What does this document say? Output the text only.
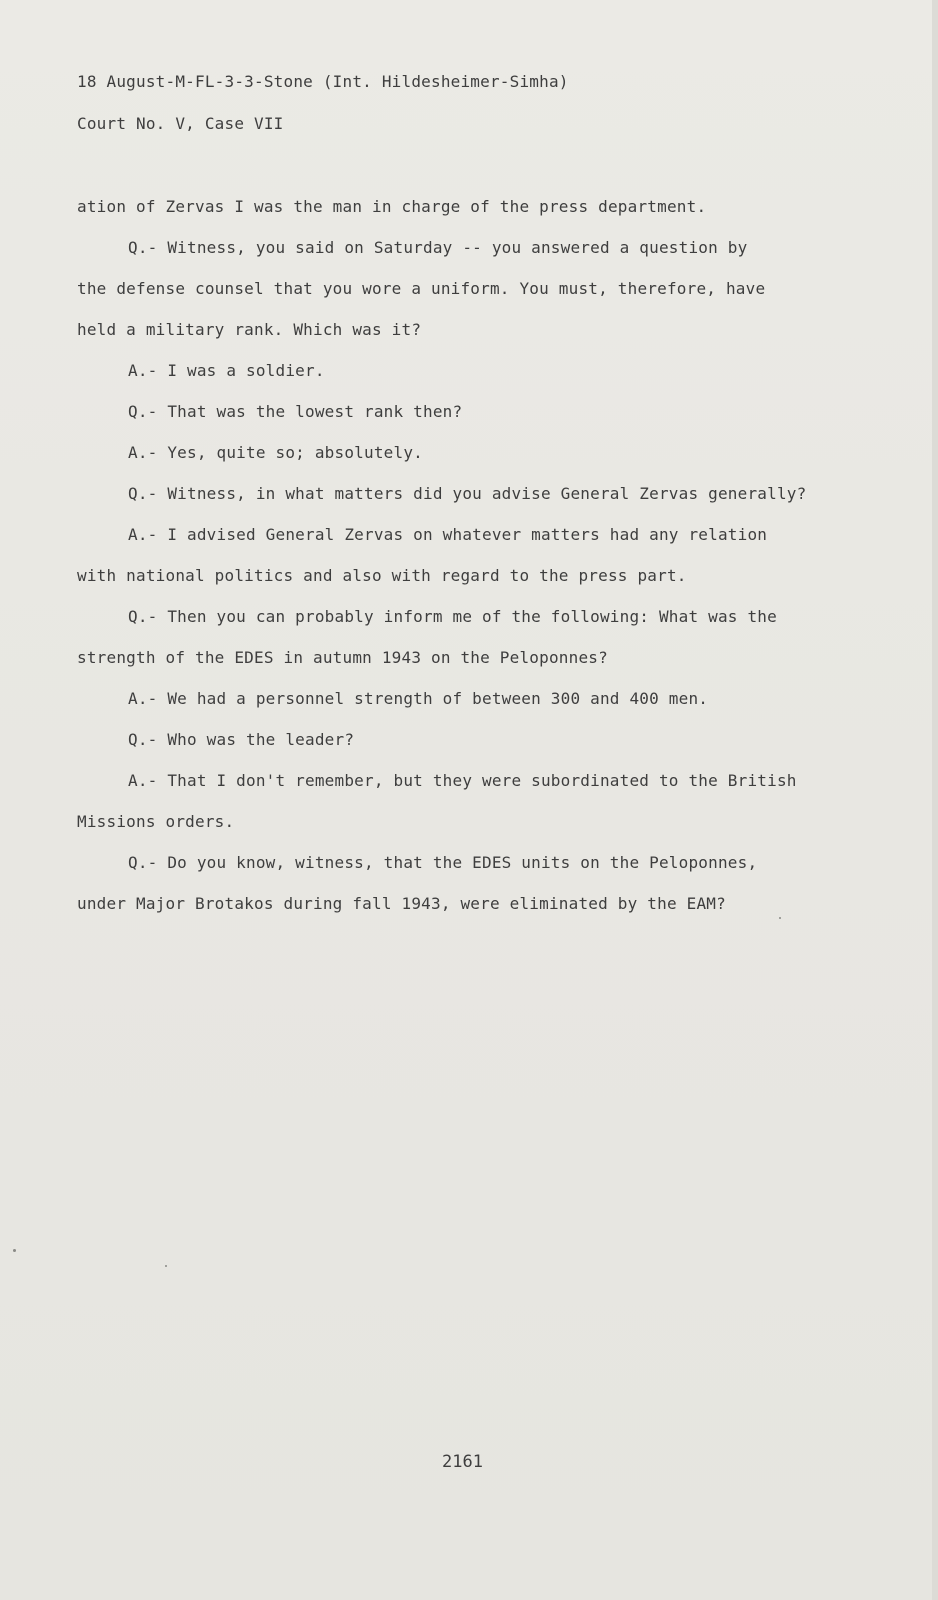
18 August-M-FL-3-3-Stone (Int. Hildesheimer-Simha)
Court No. V, Case VII
ation of Zervas I was the man in charge of the press department.
Q.- Witness, you said on Saturday -- you answered a question by
the defense counsel that you wore a uniform. You must, therefore, have
held a military rank. Which was it?
A.- I was a soldier.
Q.- That was the lowest rank then?
A.- Yes, quite so; absolutely.
Q.- Witness, in what matters did you advise General Zervas generally?
A.- I advised General Zervas on whatever matters had any relation
with national politics and also with regard to the press part.
Q.- Then you can probably inform me of the following: What was the
strength of the EDES in autumn 1943 on the Peloponnes?
A.- We had a personnel strength of between 300 and 400 men.
Q.- Who was the leader?
A.- That I don't remember, but they were subordinated to the British
Missions orders.
Q.- Do you know, witness, that the EDES units on the Peloponnes,
under Major Brotakos during fall 1943, were eliminated by the EAM?
2161
